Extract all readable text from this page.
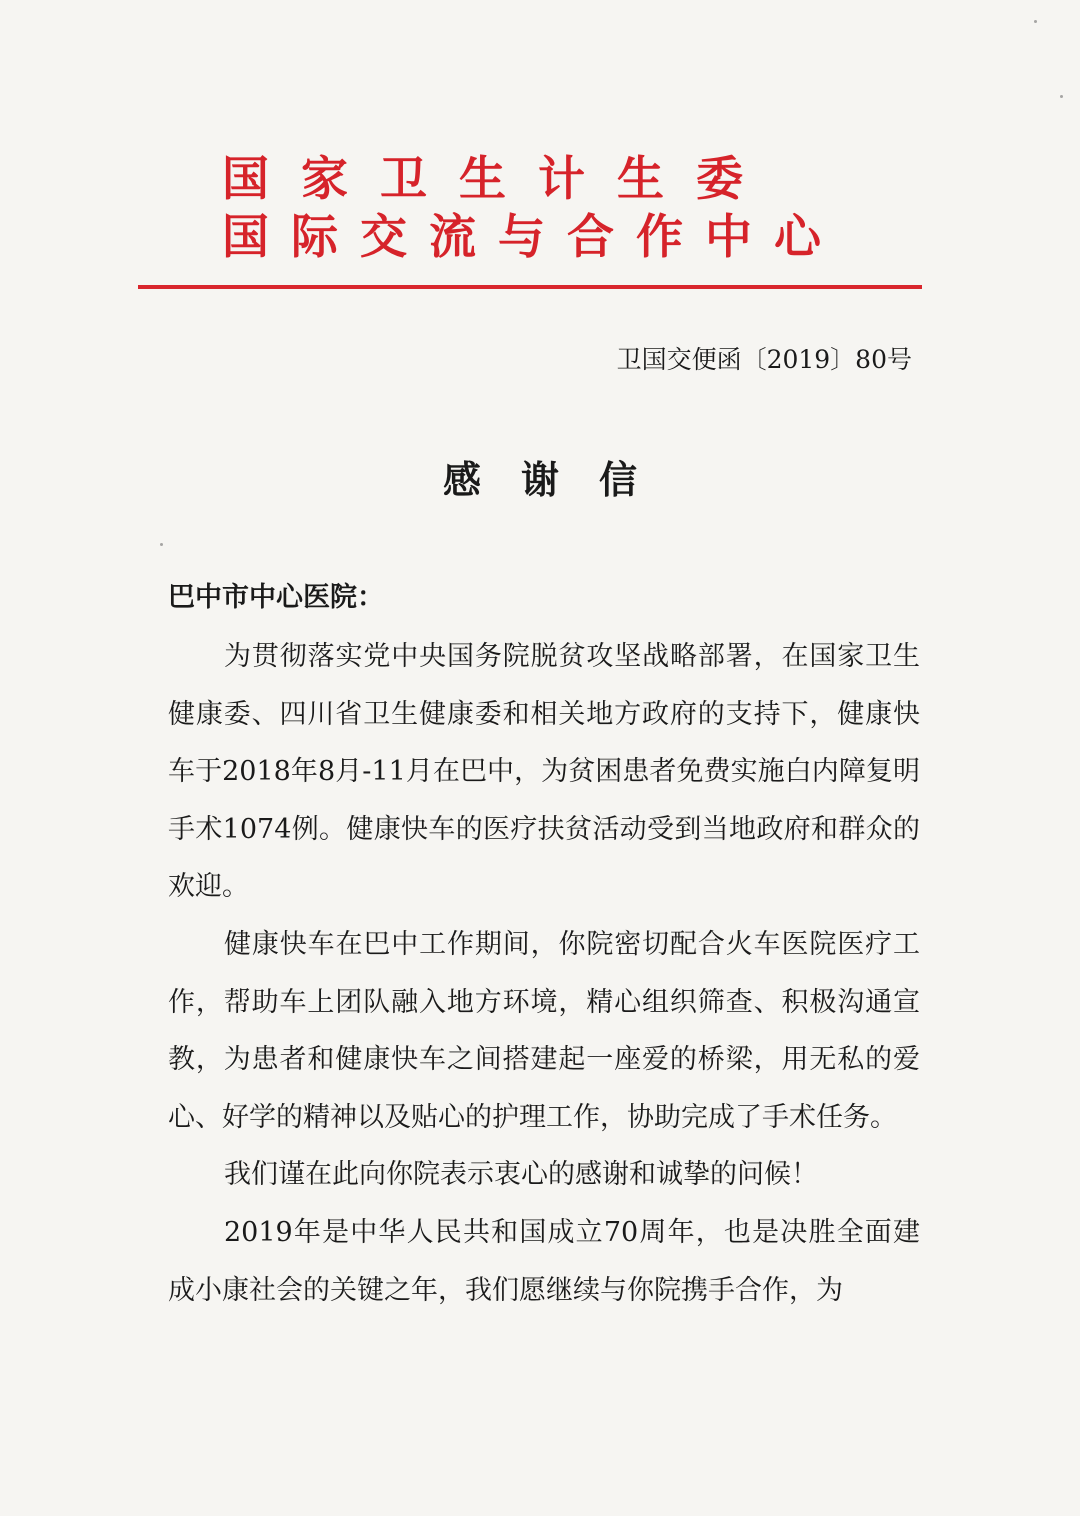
国家卫生计生委
国际交流与合作中心
卫国交便函〔2019〕80号
感谢信
巴中市中心医院：

为贯彻落实党中央国务院脱贫攻坚战略部署，在国家卫生健康委、四川省卫生健康委和相关地方政府的支持下，健康快车于2018年8月-11月在巴中，为贫困患者免费实施白内障复明手术1074例。健康快车的医疗扶贫活动受到当地政府和群众的欢迎。

健康快车在巴中工作期间，你院密切配合火车医院医疗工作，帮助车上团队融入地方环境，精心组织筛查、积极沟通宣教，为患者和健康快车之间搭建起一座爱的桥梁，用无私的爱心、好学的精神以及贴心的护理工作，协助完成了手术任务。

我们谨在此向你院表示衷心的感谢和诚挚的问候！

2019年是中华人民共和国成立70周年，也是决胜全面建成小康社会的关键之年，我们愿继续与你院携手合作，为
